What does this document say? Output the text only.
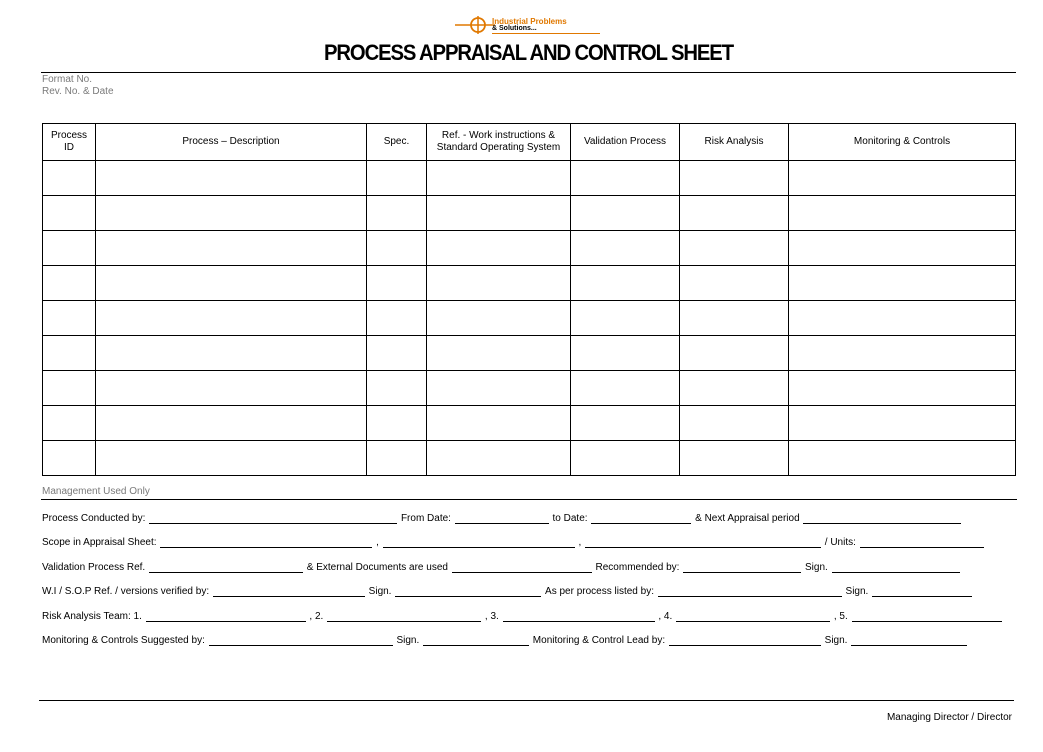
Industrial Problems
& Solutions...
PROCESS APPRAISAL AND CONTROL SHEET
Format No.
Rev. No. & Date
Process ID	Process – Description	Spec.	Ref. - Work instructions & Standard Operating System	Validation Process	Risk Analysis	Monitoring & Controls

Management Used Only
Process Conducted by:	From Date:	to Date:	& Next Appraisal period
Scope in Appraisal Sheet:	,	,	/ Units:
Validation Process Ref.	& External Documents are used	Recommended by:	Sign.
W.I / S.O.P Ref. / versions verified by:	Sign.	As per process listed by:	Sign.
Risk Analysis Team: 1.	, 2.	, 3.	, 4.	, 5.
Monitoring & Controls Suggested by:	Sign.	Monitoring & Control Lead by:	Sign.
Managing Director / Director
